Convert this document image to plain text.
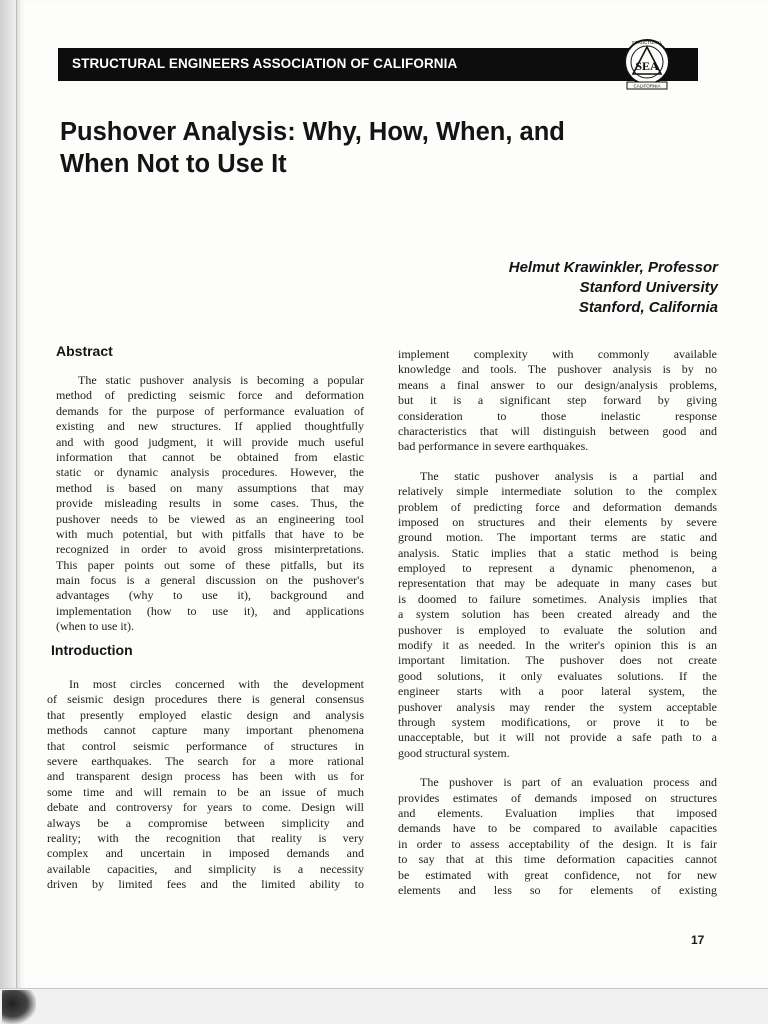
STRUCTURAL ENGINEERS ASSOCIATION OF CALIFORNIA	SEA
STRUCTURAL
CALIFORNIA
Pushover Analysis: Why, How, When, and
When Not to Use It
Helmut Krawinkler, Professor
Stanford University
Stanford, California
Abstract
The static pushover analysis is becoming a popular
method of predicting seismic force and deformation
demands for the purpose of performance evaluation of
existing and new structures. If applied thoughtfully
and with good judgment, it will provide much useful
information that cannot be obtained from elastic
static or dynamic analysis procedures. However, the
method is based on many assumptions that may
provide misleading results in some cases. Thus, the
pushover needs to be viewed as an engineering tool
with much potential, but with pitfalls that have to be
recognized in order to avoid gross misinterpretations.
This paper points out some of these pitfalls, but its
main focus is a general discussion on the pushover's
advantages (why to use it), background and
implementation (how to use it), and applications
(when to use it).
Introduction
In most circles concerned with the development
of seismic design procedures there is general consensus
that presently employed elastic design and analysis
methods cannot capture many important phenomena
that control seismic performance of structures in
severe earthquakes. The search for a more rational
and transparent design process has been with us for
some time and will remain to be an issue of much
debate and controversy for years to come. Design will
always be a compromise between simplicity and
reality; with the recognition that reality is very
complex and uncertain in imposed demands and
available capacities, and simplicity is a necessity
driven by limited fees and the limited ability to
implement complexity with commonly available
knowledge and tools. The pushover analysis is by no
means a final answer to our design/analysis problems,
but it is a significant step forward by giving
consideration to those inelastic response
characteristics that will distinguish between good and
bad performance in severe earthquakes.
The static pushover analysis is a partial and
relatively simple intermediate solution to the complex
problem of predicting force and deformation demands
imposed on structures and their elements by severe
ground motion. The important terms are static and
analysis. Static implies that a static method is being
employed to represent a dynamic phenomenon, a
representation that may be adequate in many cases but
is doomed to failure sometimes. Analysis implies that
a system solution has been created already and the
pushover is employed to evaluate the solution and
modify it as needed. In the writer's opinion this is an
important limitation. The pushover does not create
good solutions, it only evaluates solutions. If the
engineer starts with a poor lateral system, the
pushover analysis may render the system acceptable
through system modifications, or prove it to be
unacceptable, but it will not provide a safe path to a
good structural system.
The pushover is part of an evaluation process and
provides estimates of demands imposed on structures
and elements. Evaluation implies that imposed
demands have to be compared to available capacities
in order to assess acceptability of the design. It is fair
to say that at this time deformation capacities cannot
be estimated with great confidence, not for new
elements and less so for elements of existing
17
